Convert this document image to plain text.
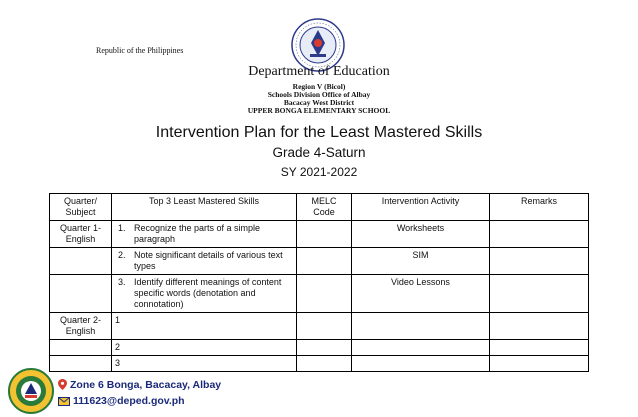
Republic of the Philippines
Department of Education
Region V (Bicol)
Schools Division Office of Albay
Bacacay West District
UPPER BONGA ELEMENTARY SCHOOL
Intervention Plan for the Least Mastered Skills
Grade 4-Saturn
SY 2021-2022
Quarter/ Subject	Top 3 Least Mastered Skills	MELC Code	Intervention Activity	Remarks
Quarter 1- English	1. Recognize the parts of a simple paragraph		Worksheets	

	2. Note significant details of various text types		SIM	

	3. Identify different meanings of content specific words (denotation and connotation)		Video Lessons	
Quarter 2- English	1			
	2			
	3			
Zone 6 Bonga, Bacacay, Albay
111623@deped.gov.ph
